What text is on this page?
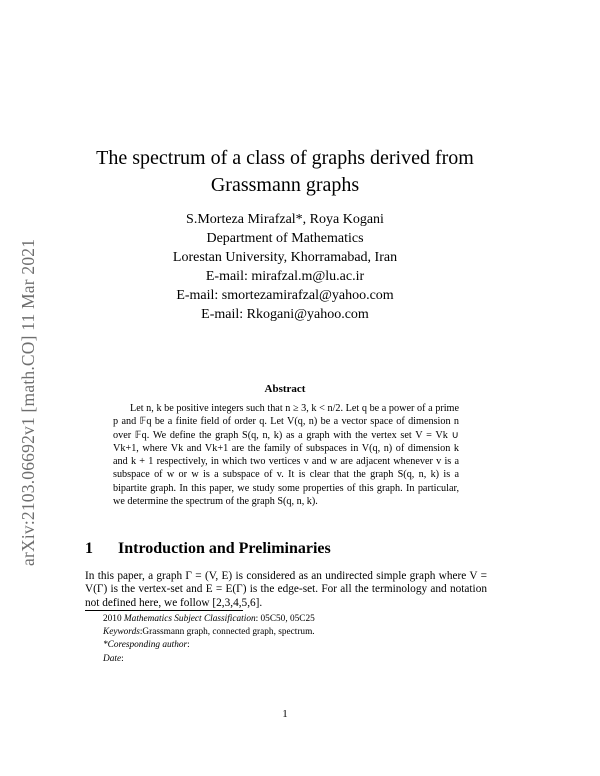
arXiv:2103.06692v1 [math.CO] 11 Mar 2021
The spectrum of a class of graphs derived from
Grassmann graphs
S.Morteza Mirafzal*, Roya Kogani
Department of Mathematics
Lorestan University, Khorramabad, Iran
E-mail: mirafzal.m@lu.ac.ir
E-mail: smortezamirafzal@yahoo.com
E-mail: Rkogani@yahoo.com
Abstract

Let n, k be positive integers such that n ≥ 3, k < n/2. Let q be a power of a prime p and 𝔽q be a finite field of order q. Let V(q, n) be a vector space of dimension n over 𝔽q. We define the graph S(q, n, k) as a graph with the vertex set V = Vk ∪ Vk+1, where Vk and Vk+1 are the family of subspaces in V(q, n) of dimension k and k + 1 respectively, in which two vertices v and w are adjacent whenever v is a subspace of w or w is a subspace of v. It is clear that the graph S(q, n, k) is a bipartite graph. In this paper, we study some properties of this graph. In particular, we determine the spectrum of the graph S(q, n, k).

1 Introduction and Preliminaries

In this paper, a graph Γ = (V, E) is considered as an undirected simple graph where V = V(Γ) is the vertex-set and E = E(Γ) is the edge-set. For all the terminology and notation not defined here, we follow [2,3,4,5,6].

2010 Mathematics Subject Classification: 05C50, 05C25
Keywords:Grassmann graph, connected graph, spectrum.
*Coresponding author:
Date:
1
